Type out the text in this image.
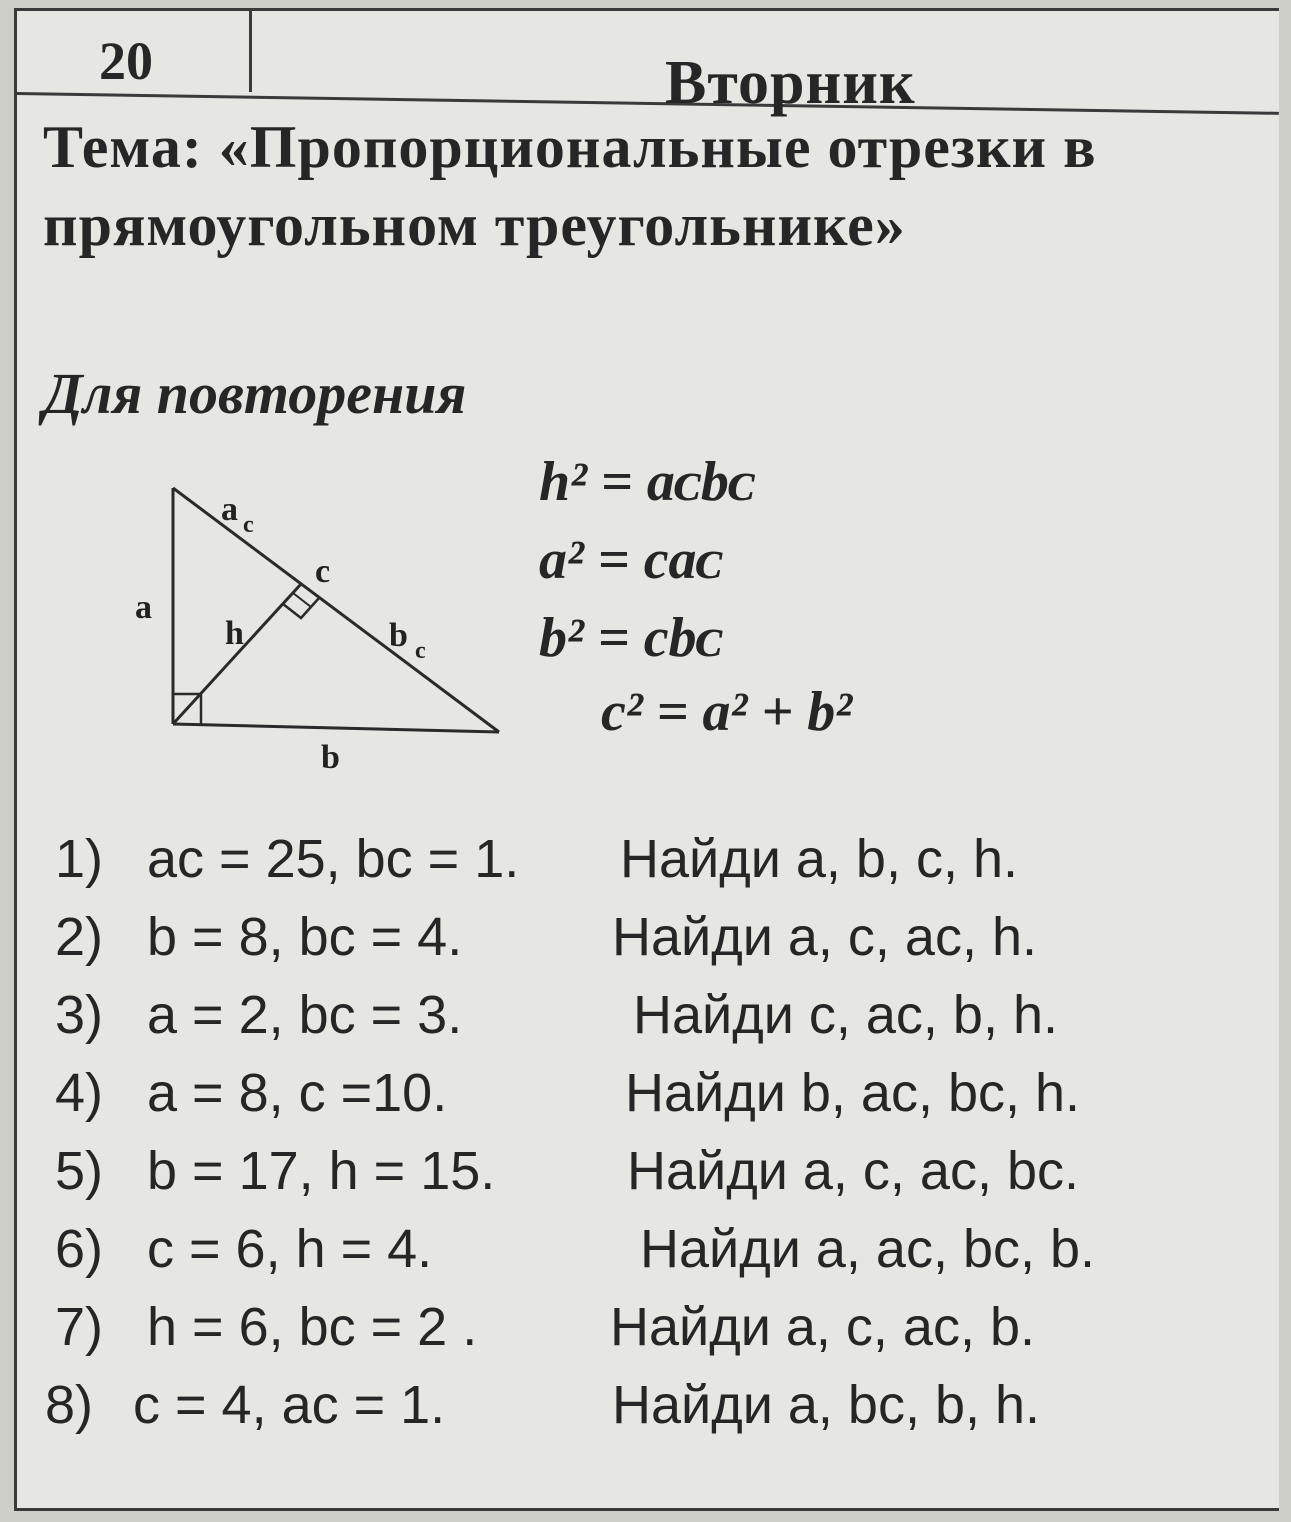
20	Вторник
Тема: «Пропорциональные отрезки в прямоугольном треугольнике»
Для повторения
a
h
b
c
a c
b c
h² = aᴄbᴄ
a² = caᴄ
b² = cbᴄ
c² = a² + b²
1) aс = 25, bс = 1. Найди a, b, c, h.
2) b = 8, bс = 4.	Найди a, c, aс, h.
3) a = 2, bс = 3.	Найди c, aс, b, h.
4) a = 8, c =10.	Найди b, aс, bс, h.
5) b = 17, h = 15. Найди a, c, aс, bс.
6) c = 6, h = 4.	Найди a, aс, bс, b.
7) h = 6, bс = 2 . Найди a, c, aс, b.
8) c = 4, aс = 1.	Найди a, bс, b, h.
